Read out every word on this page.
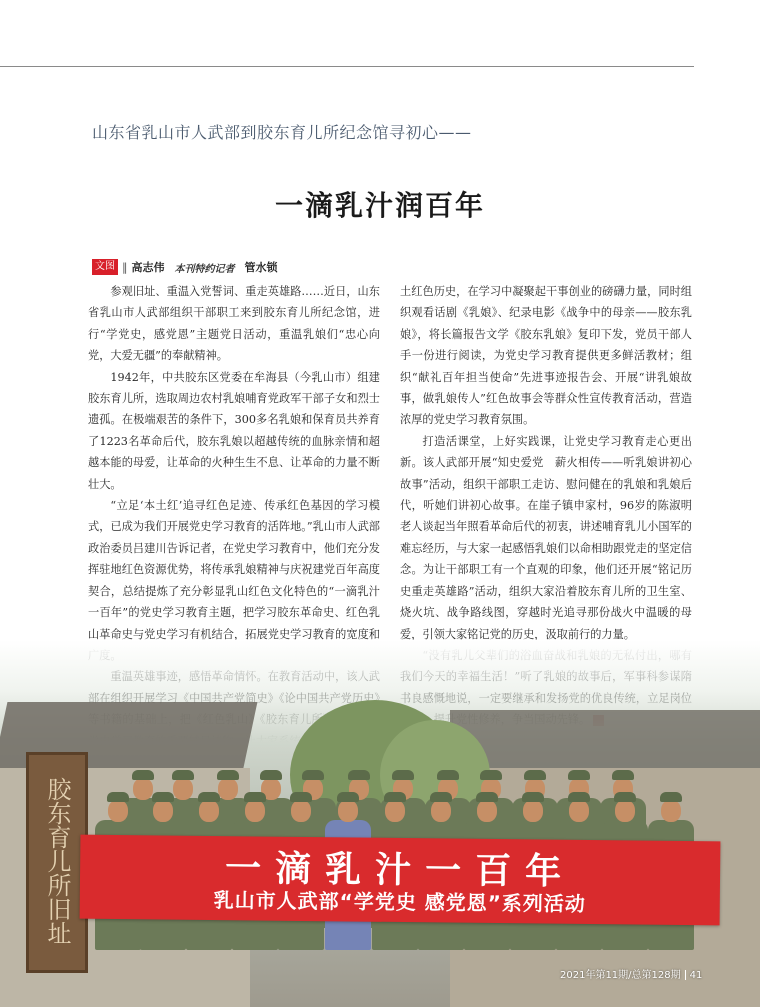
山东省乳山市人武部到胶东育儿所纪念馆寻初心——
一滴乳汁润百年
文图 ‖ 高志伟 本刊特约记者 管水锁

参观旧址、重温入党誓词、重走英雄路……近日，山东省乳山市人武部组织干部职工来到胶东育儿所纪念馆，进行“学党史，感党恩”主题党日活动，重温乳娘们“忠心向党，大爱无疆”的奉献精神。

1942年，中共胶东区党委在牟海县（今乳山市）组建胶东育儿所，选取周边农村乳娘哺育党政军干部子女和烈士遗孤。在极端艰苦的条件下，300多名乳娘和保育员共养育了1223名革命后代，胶东乳娘以超越传统的血脉亲情和超越本能的母爱，让革命的火种生生不息、让革命的力量不断壮大。

“立足‘本土红’追寻红色足迹、传承红色基因的学习模式，已成为我们开展党史学习教育的活阵地。”乳山市人武部政治委员吕建川告诉记者，在党史学习教育中，他们充分发挥驻地红色资源优势，将传承乳娘精神与庆祝建党百年高度契合，总结提炼了充分彰显乳山红色文化特色的“一滴乳汁一百年”的党史学习教育主题，把学习胶东革命史、红色乳山革命史与党史学习有机结合，拓展党史学习教育的宽度和

土红色历史，在学习中凝聚起干事创业的磅礴力量，同时组织观看话剧《乳娘》、纪录电影《战争中的母亲——胶东乳娘》，将长篇报告文学《胶东乳娘》复印下发，党员干部人手一份进行阅读，为党史学习教育提供更多鲜活教材；组织“献礼百年担当使命”先进事迹报告会、开展“讲乳娘故事，做乳娘传人”红色故事会等群众性宣传教育活动，营造浓厚的党史学习教育氛围。

打造活课堂，上好实践课，让党史学习教育走心更出新。该人武部开展“知史爱党　薪火相传——听乳娘讲初心故事”活动，组织干部职工走访、慰问健在的乳娘和乳娘后代，听她们讲初心故事。在崖子镇申家村，96岁的陈淑明老人谈起当年照看革命后代的初衷，讲述哺育乳儿小国军的难忘经历，与大家一起感悟乳娘们以命相助跟党走的坚定信念。为让干部职工有一个直观的印象，他们还开展“铭记历史重走英雄路”活动，组织大家沿着胶东育儿所的卫生室、烧火坑、战争路线图，穿越时光追寻那份战火中温暖的母爱，引领大家铭记党的历史，汲取前行的力量。

胶东育儿所旧址	一滴乳汁一百年
乳山市人武部“学党史 感党恩”系列活动
2021年第11期/总第128期 41
